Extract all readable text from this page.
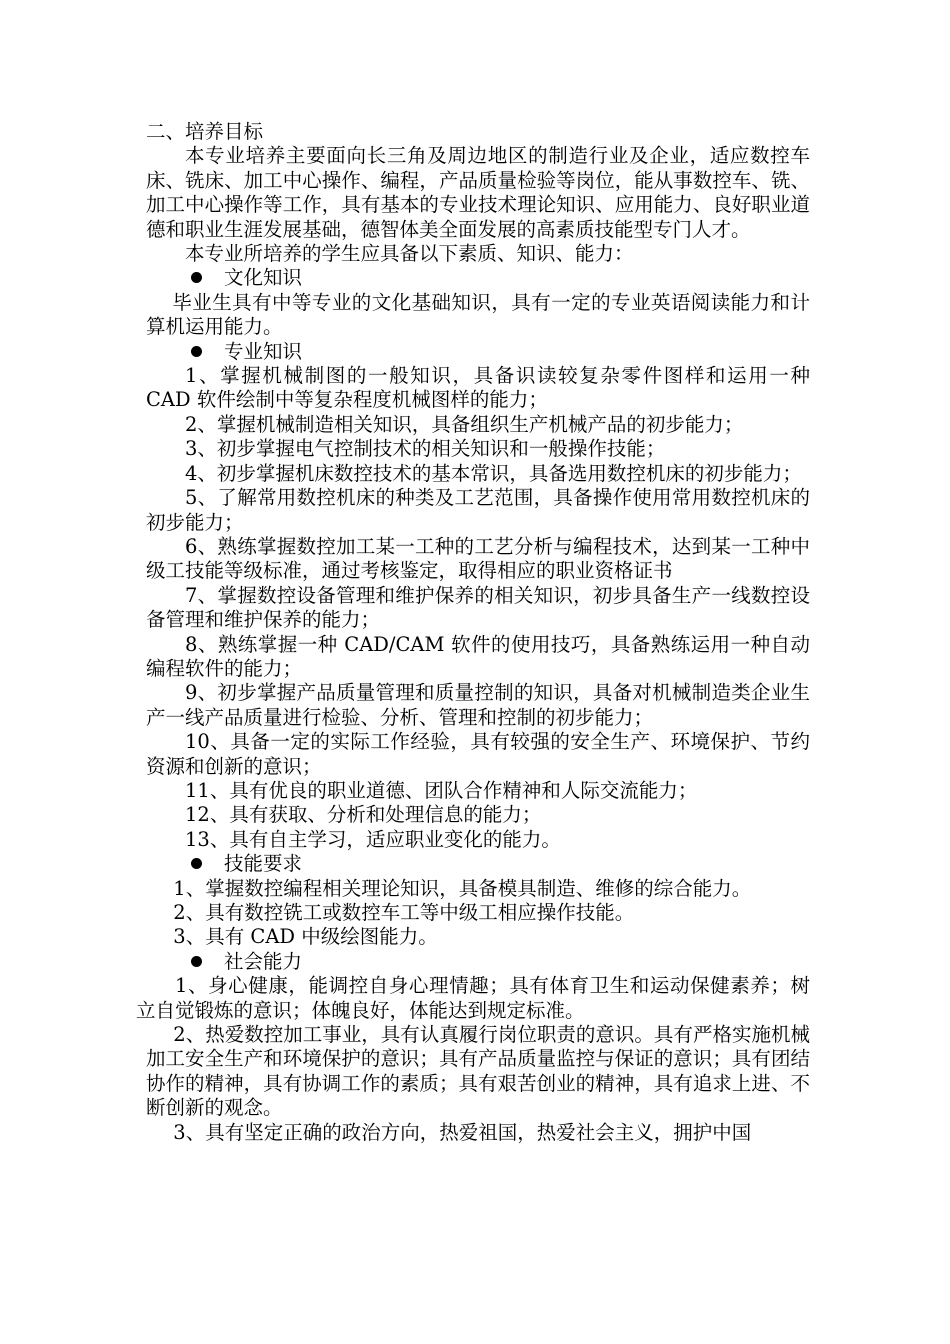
二、培养目标

本专业培养主要面向长三角及周边地区的制造行业及企业，适应数控车床、铣床、加工中心操作、编程，产品质量检验等岗位，能从事数控车、铣、加工中心操作等工作，具有基本的专业技术理论知识、应用能力、良好职业道德和职业生涯发展基础，德智体美全面发展的高素质技能型专门人才。

本专业所培养的学生应具备以下素质、知识、能力：

文化知识

毕业生具有中等专业的文化基础知识，具有一定的专业英语阅读能力和计算机运用能力。

专业知识

1、掌握机械制图的一般知识，具备识读较复杂零件图样和运用一种 CAD 软件绘制中等复杂程度机械图样的能力；

2、掌握机械制造相关知识，具备组织生产机械产品的初步能力；

3、初步掌握电气控制技术的相关知识和一般操作技能；

4、初步掌握机床数控技术的基本常识，具备选用数控机床的初步能力；

5、了解常用数控机床的种类及工艺范围，具备操作使用常用数控机床的初步能力；

6、熟练掌握数控加工某一工种的工艺分析与编程技术，达到某一工种中级工技能等级标准，通过考核鉴定，取得相应的职业资格证书

7、掌握数控设备管理和维护保养的相关知识，初步具备生产一线数控设备管理和维护保养的能力；

8、熟练掌握一种 CAD/CAM 软件的使用技巧，具备熟练运用一种自动编程软件的能力；

9、初步掌握产品质量管理和质量控制的知识，具备对机械制造类企业生产一线产品质量进行检验、分析、管理和控制的初步能力；

10、具备一定的实际工作经验，具有较强的安全生产、环境保护、节约资源和创新的意识；

11、具有优良的职业道德、团队合作精神和人际交流能力；

12、具有获取、分析和处理信息的能力；

13、具有自主学习，适应职业变化的能力。

技能要求

1、掌握数控编程相关理论知识，具备模具制造、维修的综合能力。

2、具有数控铣工或数控车工等中级工相应操作技能。

3、具有 CAD 中级绘图能力。

社会能力

1、身心健康，能调控自身心理情趣；具有体育卫生和运动保健素养；树立自觉锻炼的意识；体魄良好，体能达到规定标准。

2、热爱数控加工事业，具有认真履行岗位职责的意识。具有严格实施机械加工安全生产和环境保护的意识；具有产品质量监控与保证的意识；具有团结协作的精神，具有协调工作的素质；具有艰苦创业的精神，具有追求上进、不断创新的观念。

3、具有坚定正确的政治方向，热爱祖国，热爱社会主义，拥护中国
